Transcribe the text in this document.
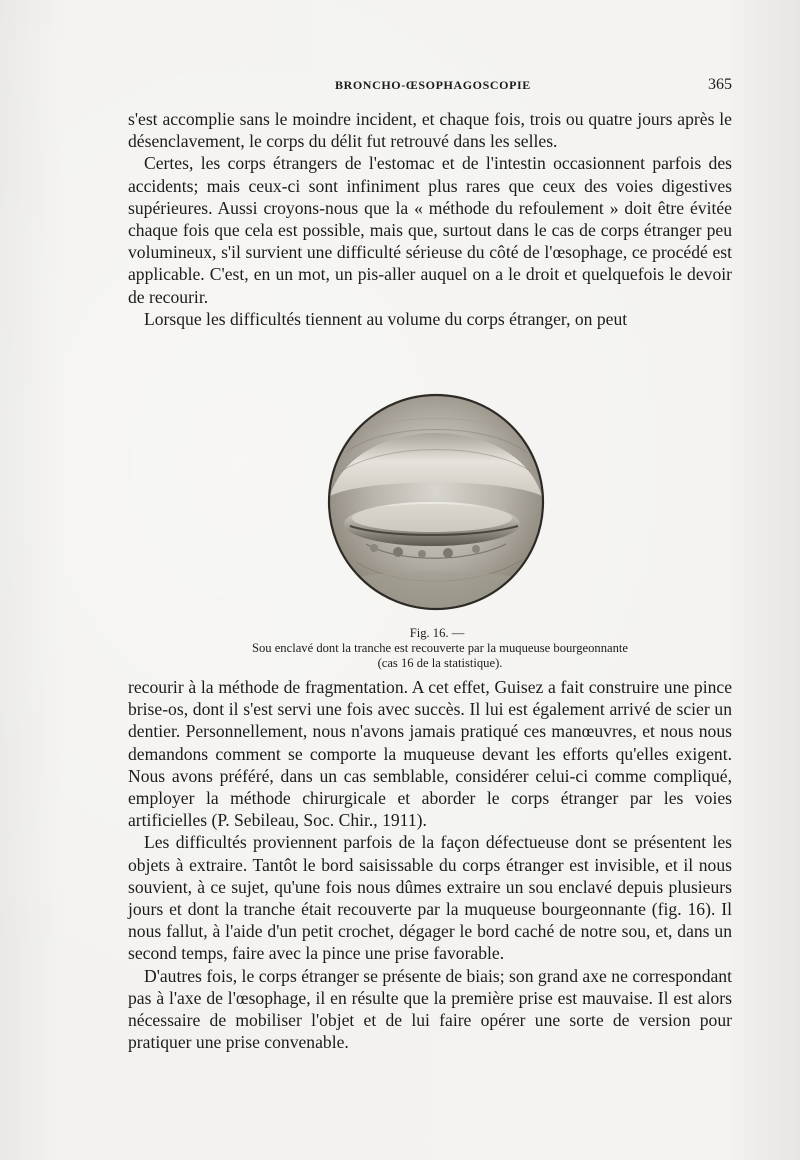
BRONCHO-ŒSOPHAGOSCOPIE	365

s'est accomplie sans le moindre incident, et chaque fois, trois ou quatre jours après le désenclavement, le corps du délit fut retrouvé dans les selles.

Certes, les corps étrangers de l'estomac et de l'intestin occasionnent parfois des accidents; mais ceux-ci sont infiniment plus rares que ceux des voies digestives supérieures. Aussi croyons-nous que la « méthode du refoulement » doit être évitée chaque fois que cela est possible, mais que, surtout dans le cas de corps étranger peu volumineux, s'il survient une difficulté sérieuse du côté de l'œsophage, ce procédé est applicable. C'est, en un mot, un pis-aller auquel on a le droit et quelquefois le devoir de recourir.

Lorsque les difficultés tiennent au volume du corps étranger, on peut

Fig. 16. —
Sou enclavé dont la tranche est recouverte par la muqueuse bourgeonnante
(cas 16 de la statistique).

recourir à la méthode de fragmentation. A cet effet, Guisez a fait construire une pince brise-os, dont il s'est servi une fois avec succès. Il lui est également arrivé de scier un dentier. Personnellement, nous n'avons jamais pratiqué ces manœuvres, et nous nous demandons comment se comporte la muqueuse devant les efforts qu'elles exigent. Nous avons préféré, dans un cas semblable, considérer celui-ci comme compliqué, employer la méthode chirurgicale et aborder le corps étranger par les voies artificielles (P. Sebileau, Soc. Chir., 1911).

Les difficultés proviennent parfois de la façon défectueuse dont se présentent les objets à extraire. Tantôt le bord saisissable du corps étranger est invisible, et il nous souvient, à ce sujet, qu'une fois nous dûmes extraire un sou enclavé depuis plusieurs jours et dont la tranche était recouverte par la muqueuse bourgeonnante (fig. 16). Il nous fallut, à l'aide d'un petit crochet, dégager le bord caché de notre sou, et, dans un second temps, faire avec la pince une prise favorable.

D'autres fois, le corps étranger se présente de biais; son grand axe ne correspondant pas à l'axe de l'œsophage, il en résulte que la première prise est mauvaise. Il est alors nécessaire de mobiliser l'objet et de lui faire opérer une sorte de version pour pratiquer une prise convenable.
